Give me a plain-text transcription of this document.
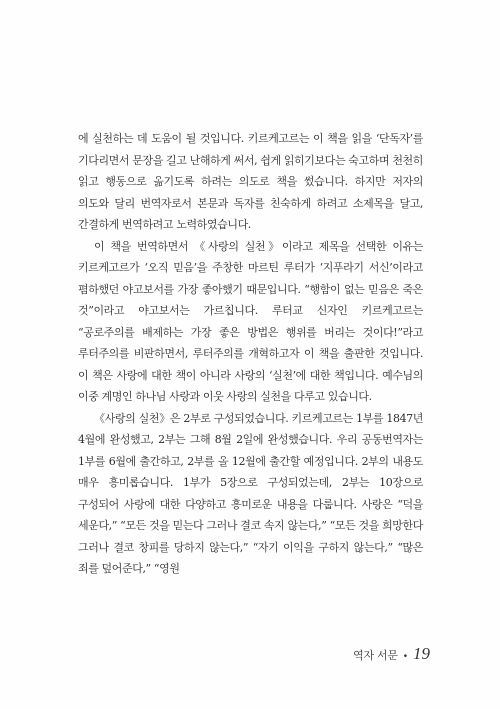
에 실천하는 데 도움이 될 것입니다. 키르케고르는 이 책을 읽을 ‘단독자’를 기다리면서 문장을 길고 난해하게 써서, 쉽게 읽히기보다는 숙고하며 천천히 읽고 행동으로 옮기도록 하려는 의도로 책을 썼습니다. 하지만 저자의 의도와 달리 번역자로서 본문과 독자를 친숙하게 하려고 소제목을 달고, 간결하게 번역하려고 노력하였습니다.

이 책을 번역하면서 《사랑의 실천》이라고 제목을 선택한 이유는 키르케고르가 ‘오직 믿음’을 주창한 마르틴 루터가 ‘지푸라기 서신’이라고 폄하했던 야고보서를 가장 좋아했기 때문입니다. “행함이 없는 믿음은 죽은 것”이라고 야고보서는 가르칩니다. 루터교 신자인 키르케고르는 “공로주의를 배제하는 가장 좋은 방법은 행위를 버리는 것이다!”라고 루터주의를 비판하면서, 루터주의를 개혁하고자 이 책을 출판한 것입니다. 이 책은 사랑에 대한 책이 아니라 사랑의 ‘실천’에 대한 책입니다. 예수님의 이중 계명인 하나님 사랑과 이웃 사랑의 실천을 다루고 있습니다.

《사랑의 실천》은 2부로 구성되었습니다. 키르케고르는 1부를 1847년 4월에 완성했고, 2부는 그해 8월 2일에 완성했습니다. 우리 공동번역자는 1부를 6월에 출간하고, 2부를 올 12월에 출간할 예정입니다. 2부의 내용도 매우 흥미롭습니다. 1부가 5장으로 구성되었는데, 2부는 10장으로 구성되어 사랑에 대한 다양하고 흥미로운 내용을 다룹니다. 사랑은 “덕을 세운다,” “모든 것을 믿는다 그러나 결코 속지 않는다,” “모든 것을 희망한다 그러나 결코 창피를 당하지 않는다,” “자기 이익을 구하지 않는다,” “많은 죄를 덮어준다,” “영원

역자 서문 • 19
